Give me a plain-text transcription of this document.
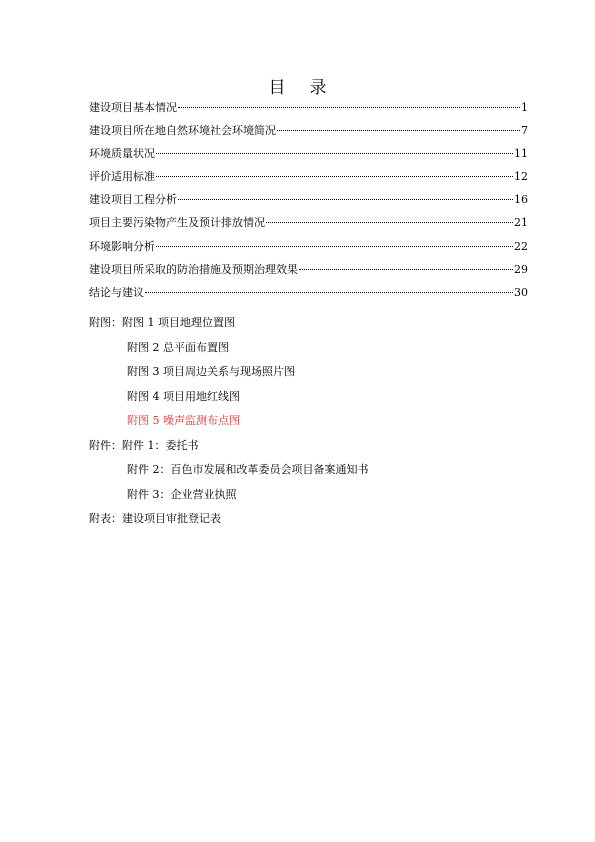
目录
建设项目基本情况	1
建设项目所在地自然环境社会环境简况	7
环境质量状况	11
评价适用标准	12
建设项目工程分析	16
项目主要污染物产生及预计排放情况	21
环境影响分析	22
建设项目所采取的防治措施及预期治理效果	29
结论与建议	30
附图：附图 1 项目地理位置图
附图 2 总平面布置图
附图 3 项目周边关系与现场照片图
附图 4 项目用地红线图
附图 5 噪声监测布点图
附件：附件 1：委托书
附件 2：百色市发展和改革委员会项目备案通知书
附件 3：企业营业执照
附表：建设项目审批登记表
